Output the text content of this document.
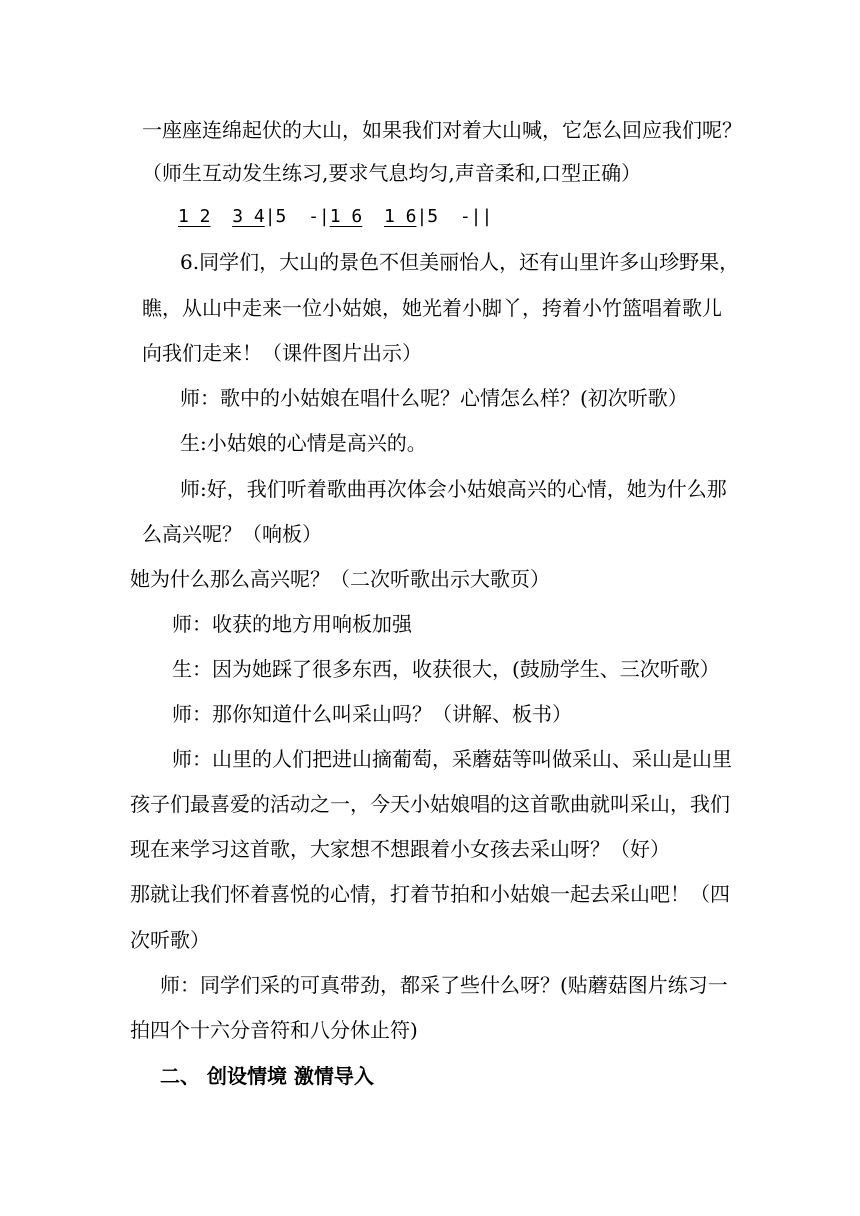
一座座连绵起伏的大山，如果我们对着大山喊，它怎么回应我们呢？
（师生互动发生练习,要求气息均匀,声音柔和,口型正确）
1 2 3 4|5  -|1 6 1 6|5  -||
6.同学们，大山的景色不但美丽怡人，还有山里许多山珍野果，
瞧，从山中走来一位小姑娘，她光着小脚丫，挎着小竹篮唱着歌儿
向我们走来！（课件图片出示）
师：歌中的小姑娘在唱什么呢？心情怎么样？(初次听歌）
生:小姑娘的心情是高兴的。
师:好，我们听着歌曲再次体会小姑娘高兴的心情，她为什么那
么高兴呢？（响板）
她为什么那么高兴呢？（二次听歌出示大歌页）
师：收获的地方用响板加强
生：因为她踩了很多东西，收获很大，(鼓励学生、三次听歌）
师：那你知道什么叫采山吗？（讲解、板书）
师：山里的人们把进山摘葡萄，采蘑菇等叫做采山、采山是山里
孩子们最喜爱的活动之一，今天小姑娘唱的这首歌曲就叫采山，我们
现在来学习这首歌，大家想不想跟着小女孩去采山呀？（好）
那就让我们怀着喜悦的心情，打着节拍和小姑娘一起去采山吧！（四
次听歌）
师：同学们采的可真带劲，都采了些什么呀？(贴蘑菇图片练习一
拍四个十六分音符和八分休止符)
二、 创设情境 激情导入
